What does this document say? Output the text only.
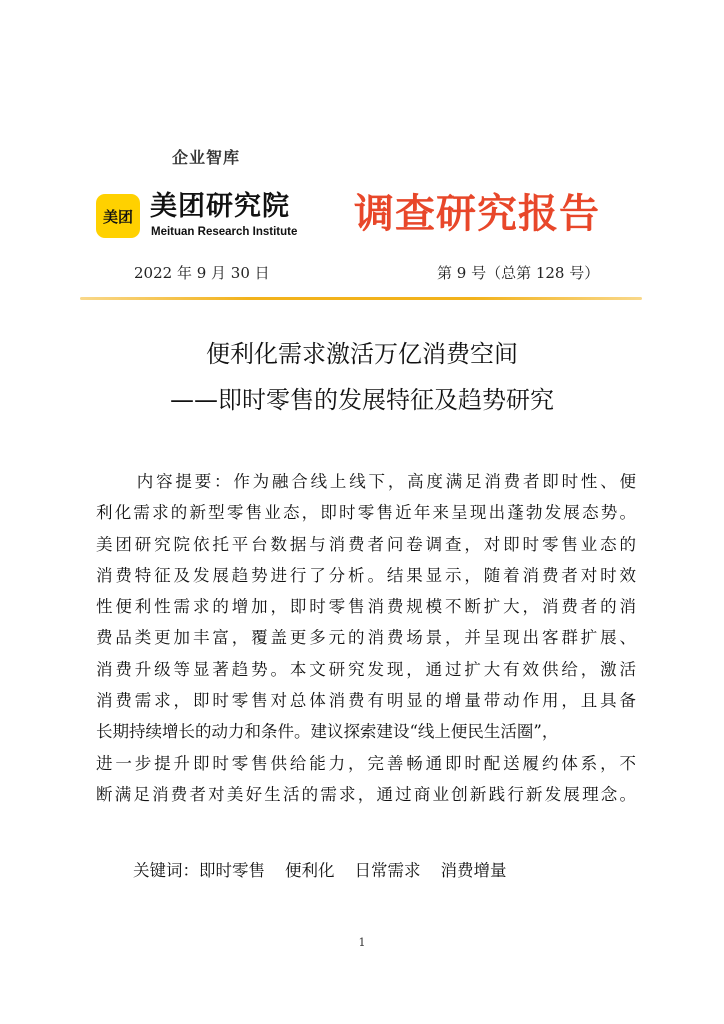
企业智库
美团 美团研究院
Meituan Research Institute 调查研究报告
2022 年 9 月 30 日	第 9 号（总第 128 号）
便利化需求激活万亿消费空间
——即时零售的发展特征及趋势研究
内容提要：作为融合线上线下，高度满足消费者即时性、便
利化需求的新型零售业态，即时零售近年来呈现出蓬勃发展态势。
美团研究院依托平台数据与消费者问卷调查，对即时零售业态的
消费特征及发展趋势进行了分析。结果显示，随着消费者对时效
性便利性需求的增加，即时零售消费规模不断扩大，消费者的消
费品类更加丰富，覆盖更多元的消费场景，并呈现出客群扩展、
消费升级等显著趋势。本文研究发现，通过扩大有效供给，激活
消费需求，即时零售对总体消费有明显的增量带动作用，且具备
长期持续增长的动力和条件。建议探索建设“线上便民生活圈”，
进一步提升即时零售供给能力，完善畅通即时配送履约体系，不
断满足消费者对美好生活的需求，通过商业创新践行新发展理念。
关键词：即时零售 便利化 日常需求 消费增量
1
